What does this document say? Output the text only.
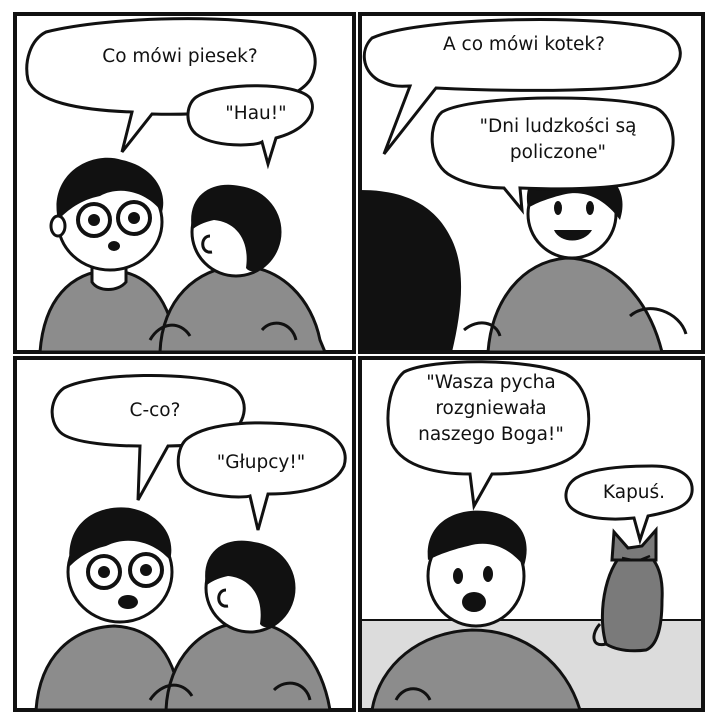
Co mówi piesek?
"Hau!"
A co mówi kotek?
"Dni ludzkości są
policzone"
C-co?
"Głupcy!"
"Wasza pycha
rozgniewała
naszego Boga!"
Kapuś.
